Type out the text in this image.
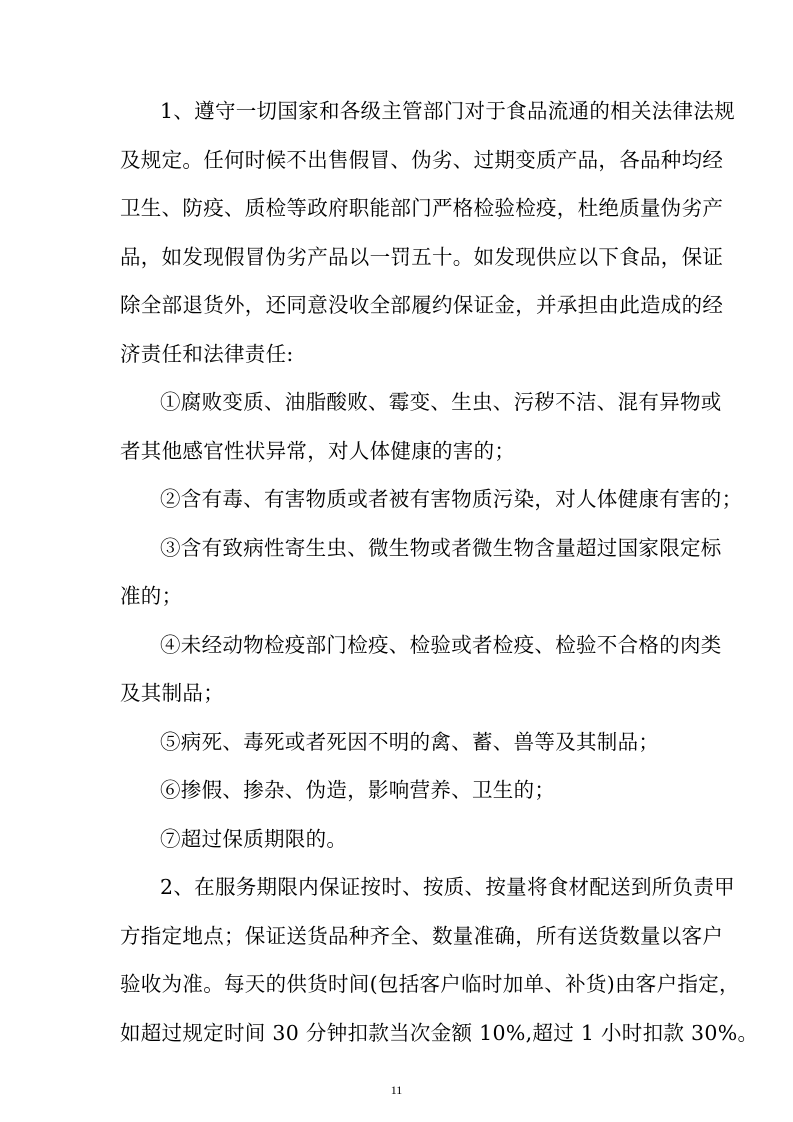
1、遵守一切国家和各级主管部门对于食品流通的相关法律法规
及规定。任何时候不出售假冒、伪劣、过期变质产品，各品种均经
卫生、防疫、质检等政府职能部门严格检验检疫，杜绝质量伪劣产
品，如发现假冒伪劣产品以一罚五十。如发现供应以下食品，保证
除全部退货外，还同意没收全部履约保证金，并承担由此造成的经
济责任和法律责任:
①腐败变质、油脂酸败、霉变、生虫、污秽不洁、混有异物或
者其他感官性状异常，对人体健康的害的；
②含有毒、有害物质或者被有害物质污染，对人体健康有害的；
③含有致病性寄生虫、微生物或者微生物含量超过国家限定标
准的；
④未经动物检疫部门检疫、检验或者检疫、检验不合格的肉类
及其制品；
⑤病死、毒死或者死因不明的禽、蓄、兽等及其制品；
⑥掺假、掺杂、伪造，影响营养、卫生的；
⑦超过保质期限的。
2、在服务期限内保证按时、按质、按量将食材配送到所负责甲
方指定地点；保证送货品种齐全、数量准确，所有送货数量以客户
验收为准。每天的供货时间(包括客户临时加单、补货)由客户指定，
11
如超过规定时间 30 分钟扣款当次金额 10%,超过 1 小时扣款 30%。
